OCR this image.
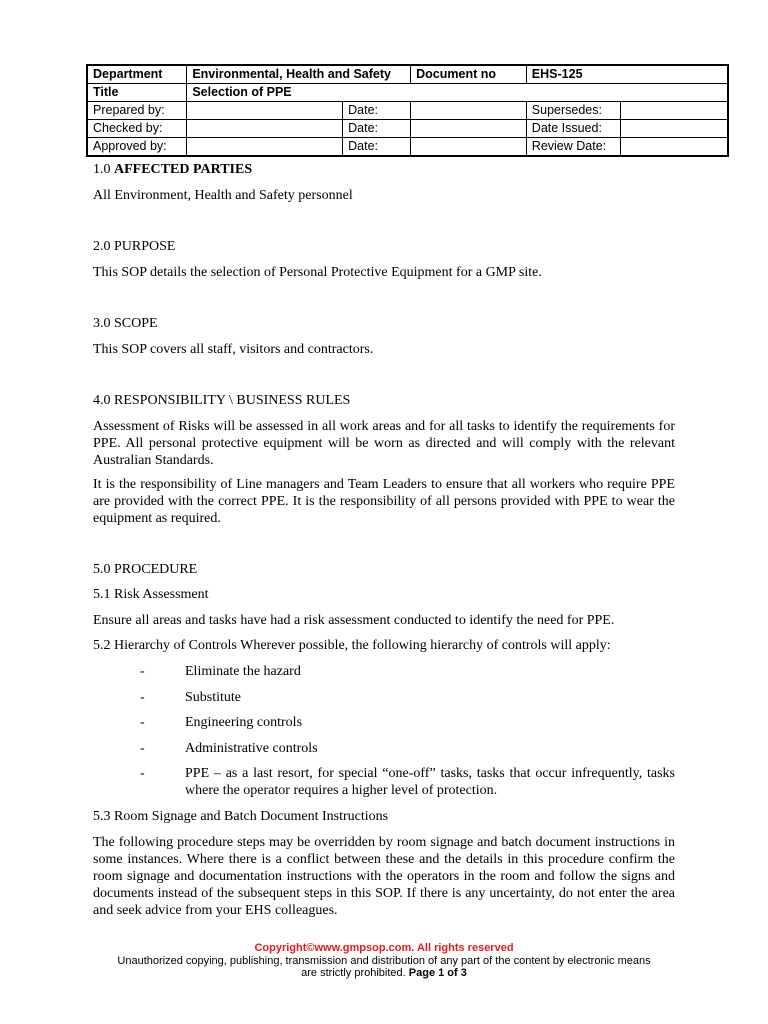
Department	Environmental, Health and Safety		Document no	EHS-125	
Title	Selection of PPE				
Prepared by:		Date:		Supersedes:	
Checked by:		Date:		Date Issued:	
Approved by:		Date:		Review Date:	
1.0 AFFECTED PARTIES
All Environment, Health and Safety personnel
2.0 PURPOSE
This SOP details the selection of Personal Protective Equipment for a GMP site.
3.0 SCOPE
This SOP covers all staff, visitors and contractors.
4.0 RESPONSIBILITY \ BUSINESS RULES
Assessment of Risks will be assessed in all work areas and for all tasks to identify the requirements for PPE. All personal protective equipment will be worn as directed and will comply with the relevant Australian Standards.
It is the responsibility of Line managers and Team Leaders to ensure that all workers who require PPE are provided with the correct PPE. It is the responsibility of all persons provided with PPE to wear the equipment as required.
5.0 PROCEDURE
5.1 Risk Assessment
Ensure all areas and tasks have had a risk assessment conducted to identify the need for PPE.
5.2 Hierarchy of Controls Wherever possible, the following hierarchy of controls will apply:
-	Eliminate the hazard
-	Substitute
-	Engineering controls
-	Administrative controls
-	PPE – as a last resort, for special “one-off” tasks, tasks that occur infrequently, tasks where the operator requires a higher level of protection.
5.3 Room Signage and Batch Document Instructions
The following procedure steps may be overridden by room signage and batch document instructions in some instances. Where there is a conflict between these and the details in this procedure confirm the room signage and documentation instructions with the operators in the room and follow the signs and documents instead of the subsequent steps in this SOP. If there is any uncertainty, do not enter the area and seek advice from your EHS colleagues.
Copyright©www.gmpsop.com. All rights reserved
Unauthorized copying, publishing, transmission and distribution of any part of the content by electronic means
are strictly prohibited. Page 1 of 3
